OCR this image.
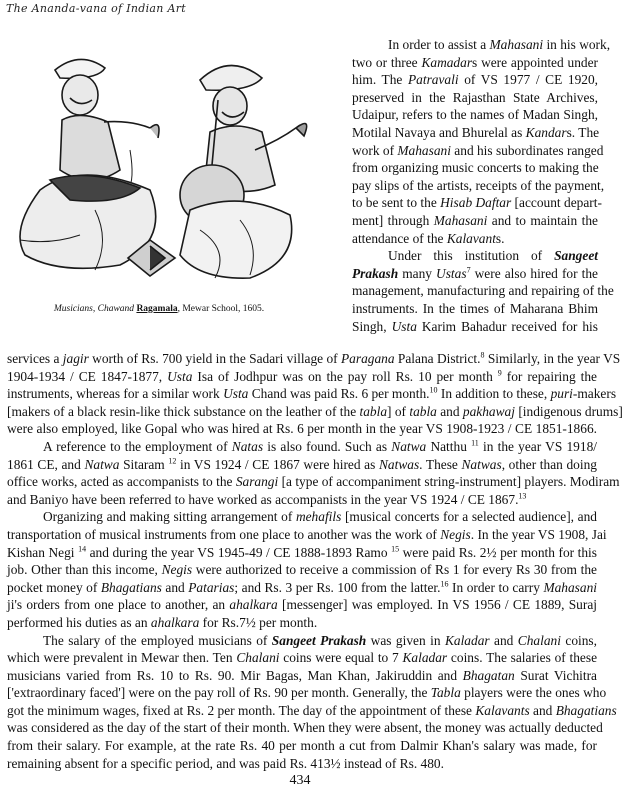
The Ananda-vana of Indian Art
Musicians, Chawand Ragamala, Mewar School, 1605.
In order to assist a Mahasani in his work,
two or three Kamadars were appointed under
him. The Patravali of VS 1977 / CE 1920,
preserved in the Rajasthan State Archives,
Udaipur, refers to the names of Madan Singh,
Motilal Navaya and Bhurelal as Kandars. The
work of Mahasani and his subordinates ranged
from organizing music concerts to making the
pay slips of the artists, receipts of the payment,
to be sent to the Hisab Daftar [account depart-
ment] through Mahasani and to maintain the
attendance of the Kalavants.
Under this institution of Sangeet
Prakash many Ustas$^7$ were also hired for the
management, manufacturing and repairing of the
instruments. In the times of Maharana Bhim
Singh, Usta Karim Bahadur received for his
services a jagir worth of Rs. 700 yield in the Sadari village of Paragana Palana District.$^8$ Similarly, in the year VS
1904-1934 / CE 1847-1877, Usta Isa of Jodhpur was on the pay roll Rs. 10 per month $^9$ for repairing the
instruments, whereas for a similar work Usta Chand was paid Rs. 6 per month.$^{10}$ In addition to these, puri-makers
[makers of a black resin-like thick substance on the leather of the tabla] of tabla and pakhawaj [indigenous drums]
were also employed, like Gopal who was hired at Rs. 6 per month in the year VS 1908-1923 / CE 1851-1866.
A reference to the employment of Natas is also found. Such as Natwa Natthu $^{11}$ in the year VS 1918/
1861 CE, and Natwa Sitaram $^{12}$ in VS 1924 / CE 1867 were hired as Natwas. These Natwas, other than doing
office works, acted as accompanists to the Sarangi [a type of accompaniment string-instrument] players. Modiram
and Baniyo have been referred to have worked as accompanists in the year VS 1924 / CE 1867.13
Organizing and making sitting arrangement of mehafils [musical concerts for a selected audience], and
transportation of musical instruments from one place to another was the work of Negis. In the year VS 1908, Jai
Kishan Negi $^{14}$ and during the year VS 1945-49 / CE 1888-1893 Ramo $^{15}$ were paid Rs. 2½ per month for this
job. Other than this income, Negis were authorized to receive a commission of Rs 1 for every Rs 30 from the
pocket money of Bhagatians and Patarias; and Rs. 3 per Rs. 100 from the latter.$^{16}$ In order to carry Mahasani
ji's orders from one place to another, an ahalkara [messenger] was employed. In VS 1956 / CE 1889, Suraj
performed his duties as an ahalkara for Rs.7½ per month.
The salary of the employed musicians of Sangeet Prakash was given in Kaladar and Chalani coins,
which were prevalent in Mewar then. Ten Chalani coins were equal to 7 Kaladar coins. The salaries of these
musicians varied from Rs. 10 to Rs. 90. Mir Bagas, Man Khan, Jakiruddin and Bhagatan Surat Vichitra
['extraordinary faced'] were on the pay roll of Rs. 90 per month. Generally, the Tabla players were the ones who
got the minimum wages, fixed at Rs. 2 per month. The day of the appointment of these Kalavants and Bhagatians
was considered as the day of the start of their month. When they were absent, the money was actually deducted
from their salary. For example, at the rate Rs. 40 per month a cut from Dalmir Khan's salary was made, for
remaining absent for a specific period, and was paid Rs. 413½ instead of Rs. 480.
434
